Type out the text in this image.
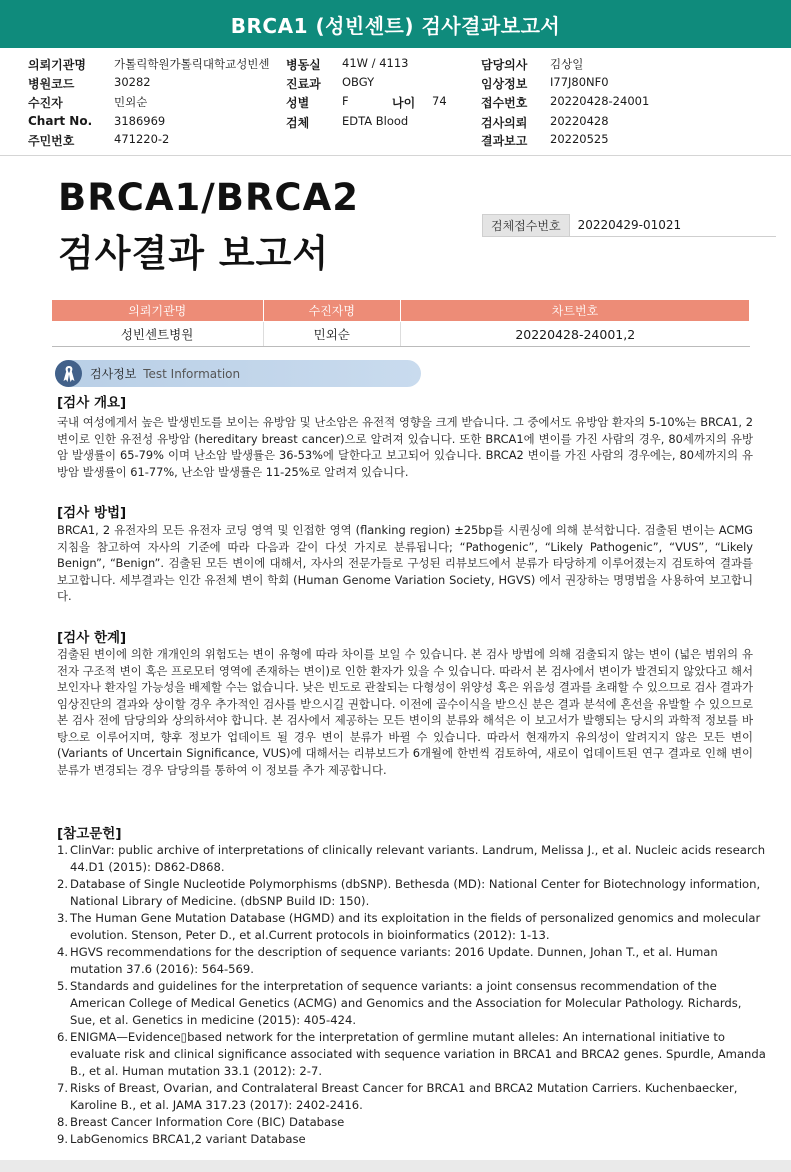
BRCA1 (성빈센트) 검사결과보고서
의뢰기관명 가톨릭학원가톨릭대학교성빈센	병동실 41W / 4113	담당의사 김상일
병원코드	30282	진료과 OBGY	임상정보 I77J80NF0
수진자	민외순	성별	F	나이 74	접수번호 20220428-24001
Chart No. 3186969	검체	EDTA Blood	검사의뢰 20220428
주민번호	471220-2	결과보고 20220525
BRCA1/BRCA2
검사결과 보고서
검체접수번호	20220429-01021
의뢰기관명	수진자명	차트번호
성빈센트병원	민외순	20220428-24001,2
검사정보 Test Information
[검사 개요]
국내 여성에게서 높은 발생빈도를 보이는 유방암 및 난소암은 유전적 영향을 크게 받습니다. 그 중에서도 유방암 환자의 5-10%는 BRCA1, 2 변이로 인한 유전성 유방암 (hereditary breast cancer)으로 알려져 있습니다. 또한 BRCA1에 변이를 가진 사람의 경우, 80세까지의 유방암 발생률이 65-79% 이며 난소암 발생률은 36-53%에 달한다고 보고되어 있습니다. BRCA2 변이를 가진 사람의 경우에는, 80세까지의 유방암 발생률이 61-77%, 난소암 발생률은 11-25%로 알려져 있습니다.
[검사 방법]
BRCA1, 2 유전자의 모든 유전자 코딩 영역 및 인접한 영역 (flanking region) ±25bp를 시퀀싱에 의해 분석합니다. 검출된 변이는 ACMG 지침을 참고하여 자사의 기준에 따라 다음과 같이 다섯 가지로 분류됩니다; “Pathogenic”, “Likely Pathogenic”, “VUS”, “Likely Benign”, “Benign”. 검출된 모든 변이에 대해서, 자사의 전문가들로 구성된 리뷰보드에서 분류가 타당하게 이루어졌는지 검토하여 결과를 보고합니다. 세부결과는 인간 유전체 변이 학회 (Human Genome Variation Society, HGVS) 에서 권장하는 명명법을 사용하여 보고합니다.
[검사 한계]
검출된 변이에 의한 개개인의 위험도는 변이 유형에 따라 차이를 보일 수 있습니다. 본 검사 방법에 의해 검출되지 않는 변이 (넓은 범위의 유전자 구조적 변이 혹은 프로모터 영역에 존재하는 변이)로 인한 환자가 있을 수 있습니다. 따라서 본 검사에서 변이가 발견되지 않았다고 해서 보인자나 환자일 가능성을 배제할 수는 없습니다. 낮은 빈도로 관찰되는 다형성이 위양성 혹은 위음성 결과를 초래할 수 있으므로 검사 결과가 임상진단의 결과와 상이할 경우 추가적인 검사를 받으시길 권합니다. 이전에 골수이식을 받으신 분은 결과 분석에 혼선을 유발할 수 있으므로 본 검사 전에 담당의와 상의하셔야 합니다. 본 검사에서 제공하는 모든 변이의 분류와 해석은 이 보고서가 발행되는 당시의 과학적 정보를 바탕으로 이루어지며, 향후 정보가 업데이트 될 경우 변이 분류가 바뀔 수 있습니다. 따라서 현재까지 유의성이 알려지지 않은 모든 변이 (Variants of Uncertain Significance, VUS)에 대해서는 리뷰보드가 6개월에 한번씩 검토하여, 새로이 업데이트된 연구 결과로 인해 변이 분류가 변경되는 경우 담당의를 통하여 이 정보를 추가 제공합니다.
[참고문헌]
1. ClinVar: public archive of interpretations of clinically relevant variants. Landrum, Melissa J., et al. Nucleic acids research 44.D1 (2015): D862-D868.
2. Database of Single Nucleotide Polymorphisms (dbSNP). Bethesda (MD): National Center for Biotechnology information, National Library of Medicine. (dbSNP Build ID: 150).
3. The Human Gene Mutation Database (HGMD) and its exploitation in the fields of personalized genomics and molecular evolution. Stenson, Peter D., et al.Current protocols in bioinformatics (2012): 1-13.
4. HGVS recommendations for the description of sequence variants: 2016 Update. Dunnen, Johan T., et al. Human mutation 37.6 (2016): 564-569.
5. Standards and guidelines for the interpretation of sequence variants: a joint consensus recommendation of the American College of Medical Genetics (ACMG) and Genomics and the Association for Molecular Pathology. Richards, Sue, et al. Genetics in medicine (2015): 405-424.
6. ENIGMA—Evidence▯based network for the interpretation of germline mutant alleles: An international initiative to evaluate risk and clinical significance associated with sequence variation in BRCA1 and BRCA2 genes. Spurdle, Amanda B., et al. Human mutation 33.1 (2012): 2-7.
7. Risks of Breast, Ovarian, and Contralateral Breast Cancer for BRCA1 and BRCA2 Mutation Carriers. Kuchenbaecker, Karoline B., et al. JAMA 317.23 (2017): 2402-2416.
8. Breast Cancer Information Core (BIC) Database
9. LabGenomics BRCA1,2 variant Database
